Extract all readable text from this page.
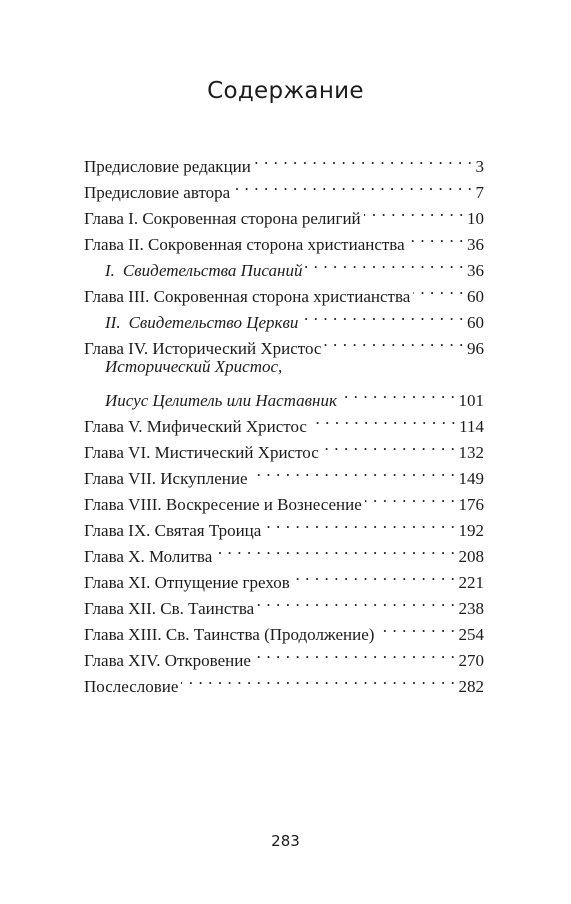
Содержание
Предисловие редакции . . .	3
Предисловие автора . . .	7
Глава I. Сокровенная сторона религий . . .	10
Глава II. Сокровенная сторона христианства . . .	36
I. Свидетельства Писаний . . .	36
Глава III. Сокровенная сторона христианства . . .	60
II. Свидетельство Церкви . . .	60
Глава IV. Исторический Христос . . .	96
Исторический Христос,
Иисус Целитель или Наставник . . .	101
Глава V. Мифический Христос . . .	114
Глава VI. Мистический Христос . . .	132
Глава VII. Искупление . . .	149
Глава VIII. Воскресение и Вознесение . . .	176
Глава IX. Святая Троица . . .	192
Глава X. Молитва . . .	208
Глава XI. Отпущение грехов . . .	221
Глава XII. Св. Таинства . . .	238
Глава XIII. Св. Таинства (Продолжение) . . .	254
Глава XIV. Откровение . . .	270
Послесловие . . .	282
283
